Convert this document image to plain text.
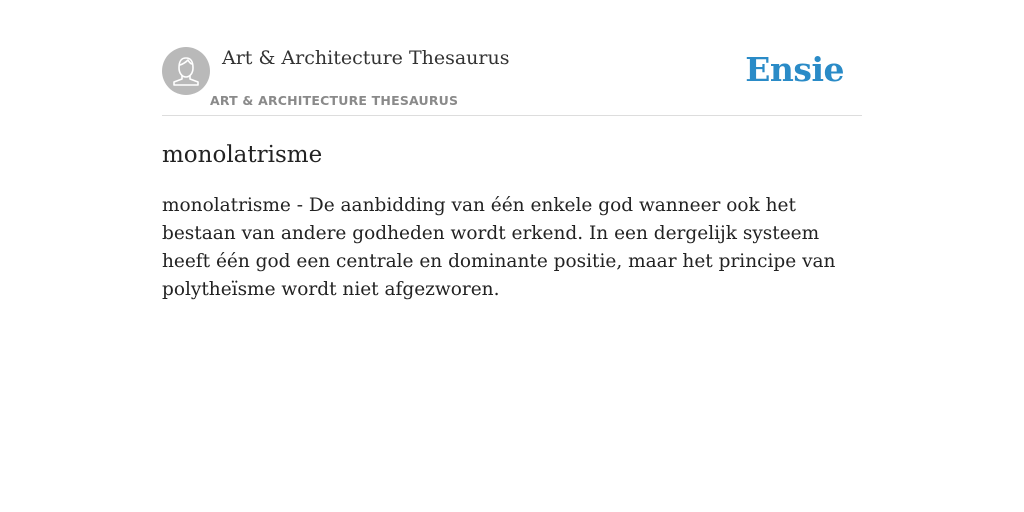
Art & Architecture Thesaurus
ART & ARCHITECTURE THESAURUS
Ensie
monolatrisme

monolatrisme - De aanbidding van één enkele god wanneer ook het bestaan van andere godheden wordt erkend. In een dergelijk systeem heeft één god een centrale en dominante positie, maar het principe van polytheïsme wordt niet afgezworen.
